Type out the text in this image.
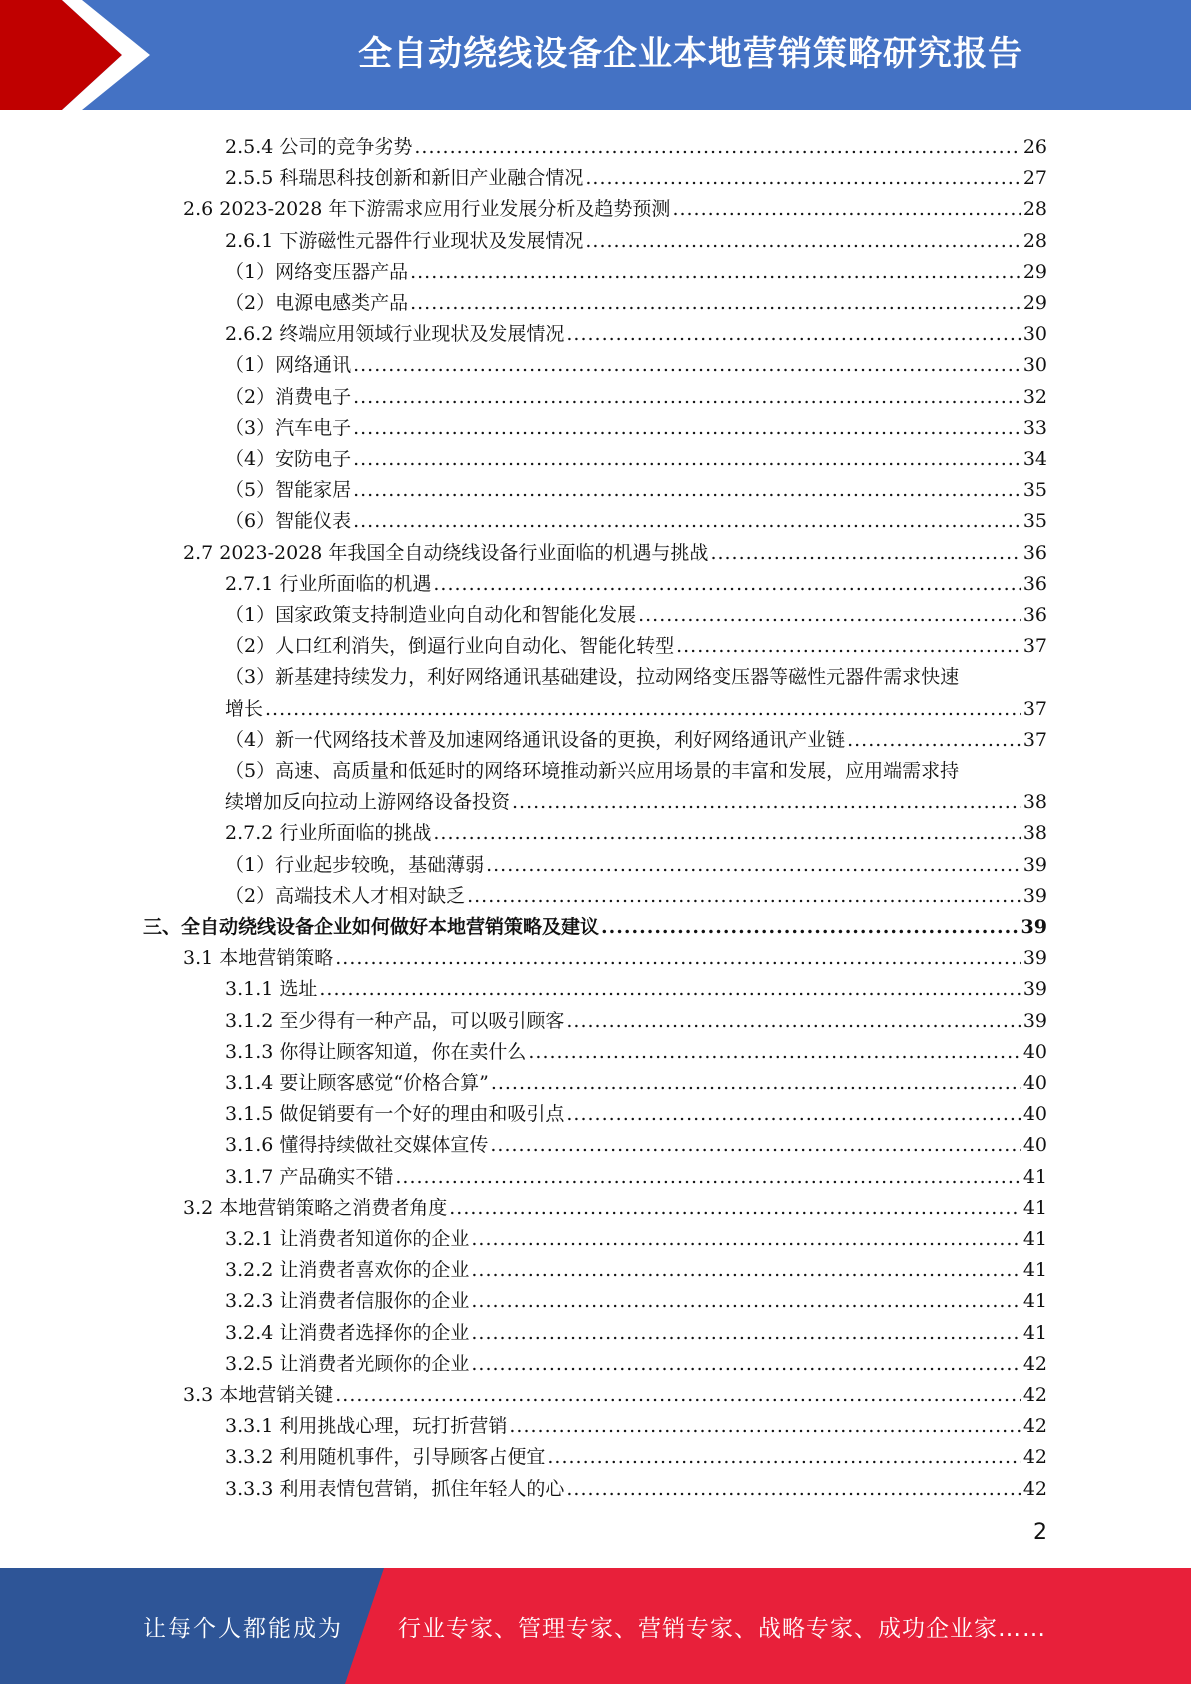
全自动绕线设备企业本地营销策略研究报告
2.5.4 公司的竞争劣势 .....	26
2.5.5 科瑞思科技创新和新旧产业融合情况 .....	27
2.6 2023-2028 年下游需求应用行业发展分析及趋势预测 .....	28
2.6.1 下游磁性元器件行业现状及发展情况 .....	28
（1）网络变压器产品 .....	29
（2）电源电感类产品 .....	29
2.6.2 终端应用领域行业现状及发展情况 .....	30
（1）网络通讯 .....	30
（2）消费电子 .....	32
（3）汽车电子 .....	33
（4）安防电子 .....	34
（5）智能家居 .....	35
（6）智能仪表 .....	35
2.7 2023-2028 年我国全自动绕线设备行业面临的机遇与挑战 .....	36
2.7.1 行业所面临的机遇 .....	36
（1）国家政策支持制造业向自动化和智能化发展 .....	36
（2）人口红利消失，倒逼行业向自动化、智能化转型 .....	37
（3）新基建持续发力，利好网络通讯基础建设，拉动网络变压器等磁性元器件需求快速
增长 .....	37
（4）新一代网络技术普及加速网络通讯设备的更换，利好网络通讯产业链 .....	37
（5）高速、高质量和低延时的网络环境推动新兴应用场景的丰富和发展，应用端需求持
续增加反向拉动上游网络设备投资 .....	38
2.7.2 行业所面临的挑战 .....	38
（1）行业起步较晚，基础薄弱 .....	39
（2）高端技术人才相对缺乏 .....	39
三、全自动绕线设备企业如何做好本地营销策略及建议 .....	39
3.1 本地营销策略 .....	39
3.1.1 选址 .....	39
3.1.2 至少得有一种产品，可以吸引顾客 .....	39
3.1.3 你得让顾客知道，你在卖什么 .....	40
3.1.4 要让顾客感觉“价格合算” .....	40
3.1.5 做促销要有一个好的理由和吸引点 .....	40
3.1.6 懂得持续做社交媒体宣传 .....	40
3.1.7 产品确实不错 .....	41
3.2 本地营销策略之消费者角度 .....	41
3.2.1 让消费者知道你的企业 .....	41
3.2.2 让消费者喜欢你的企业 .....	41
3.2.3 让消费者信服你的企业 .....	41
3.2.4 让消费者选择你的企业 .....	41
3.2.5 让消费者光顾你的企业 .....	42
3.3 本地营销关键 .....	42
3.3.1 利用挑战心理，玩打折营销 .....	42
3.3.2 利用随机事件，引导顾客占便宜 .....	42
3.3.3 利用表情包营销，抓住年轻人的心 .....	42
2
让每个人都能成为 行业专家、管理专家、营销专家、战略专家、成功企业家……
